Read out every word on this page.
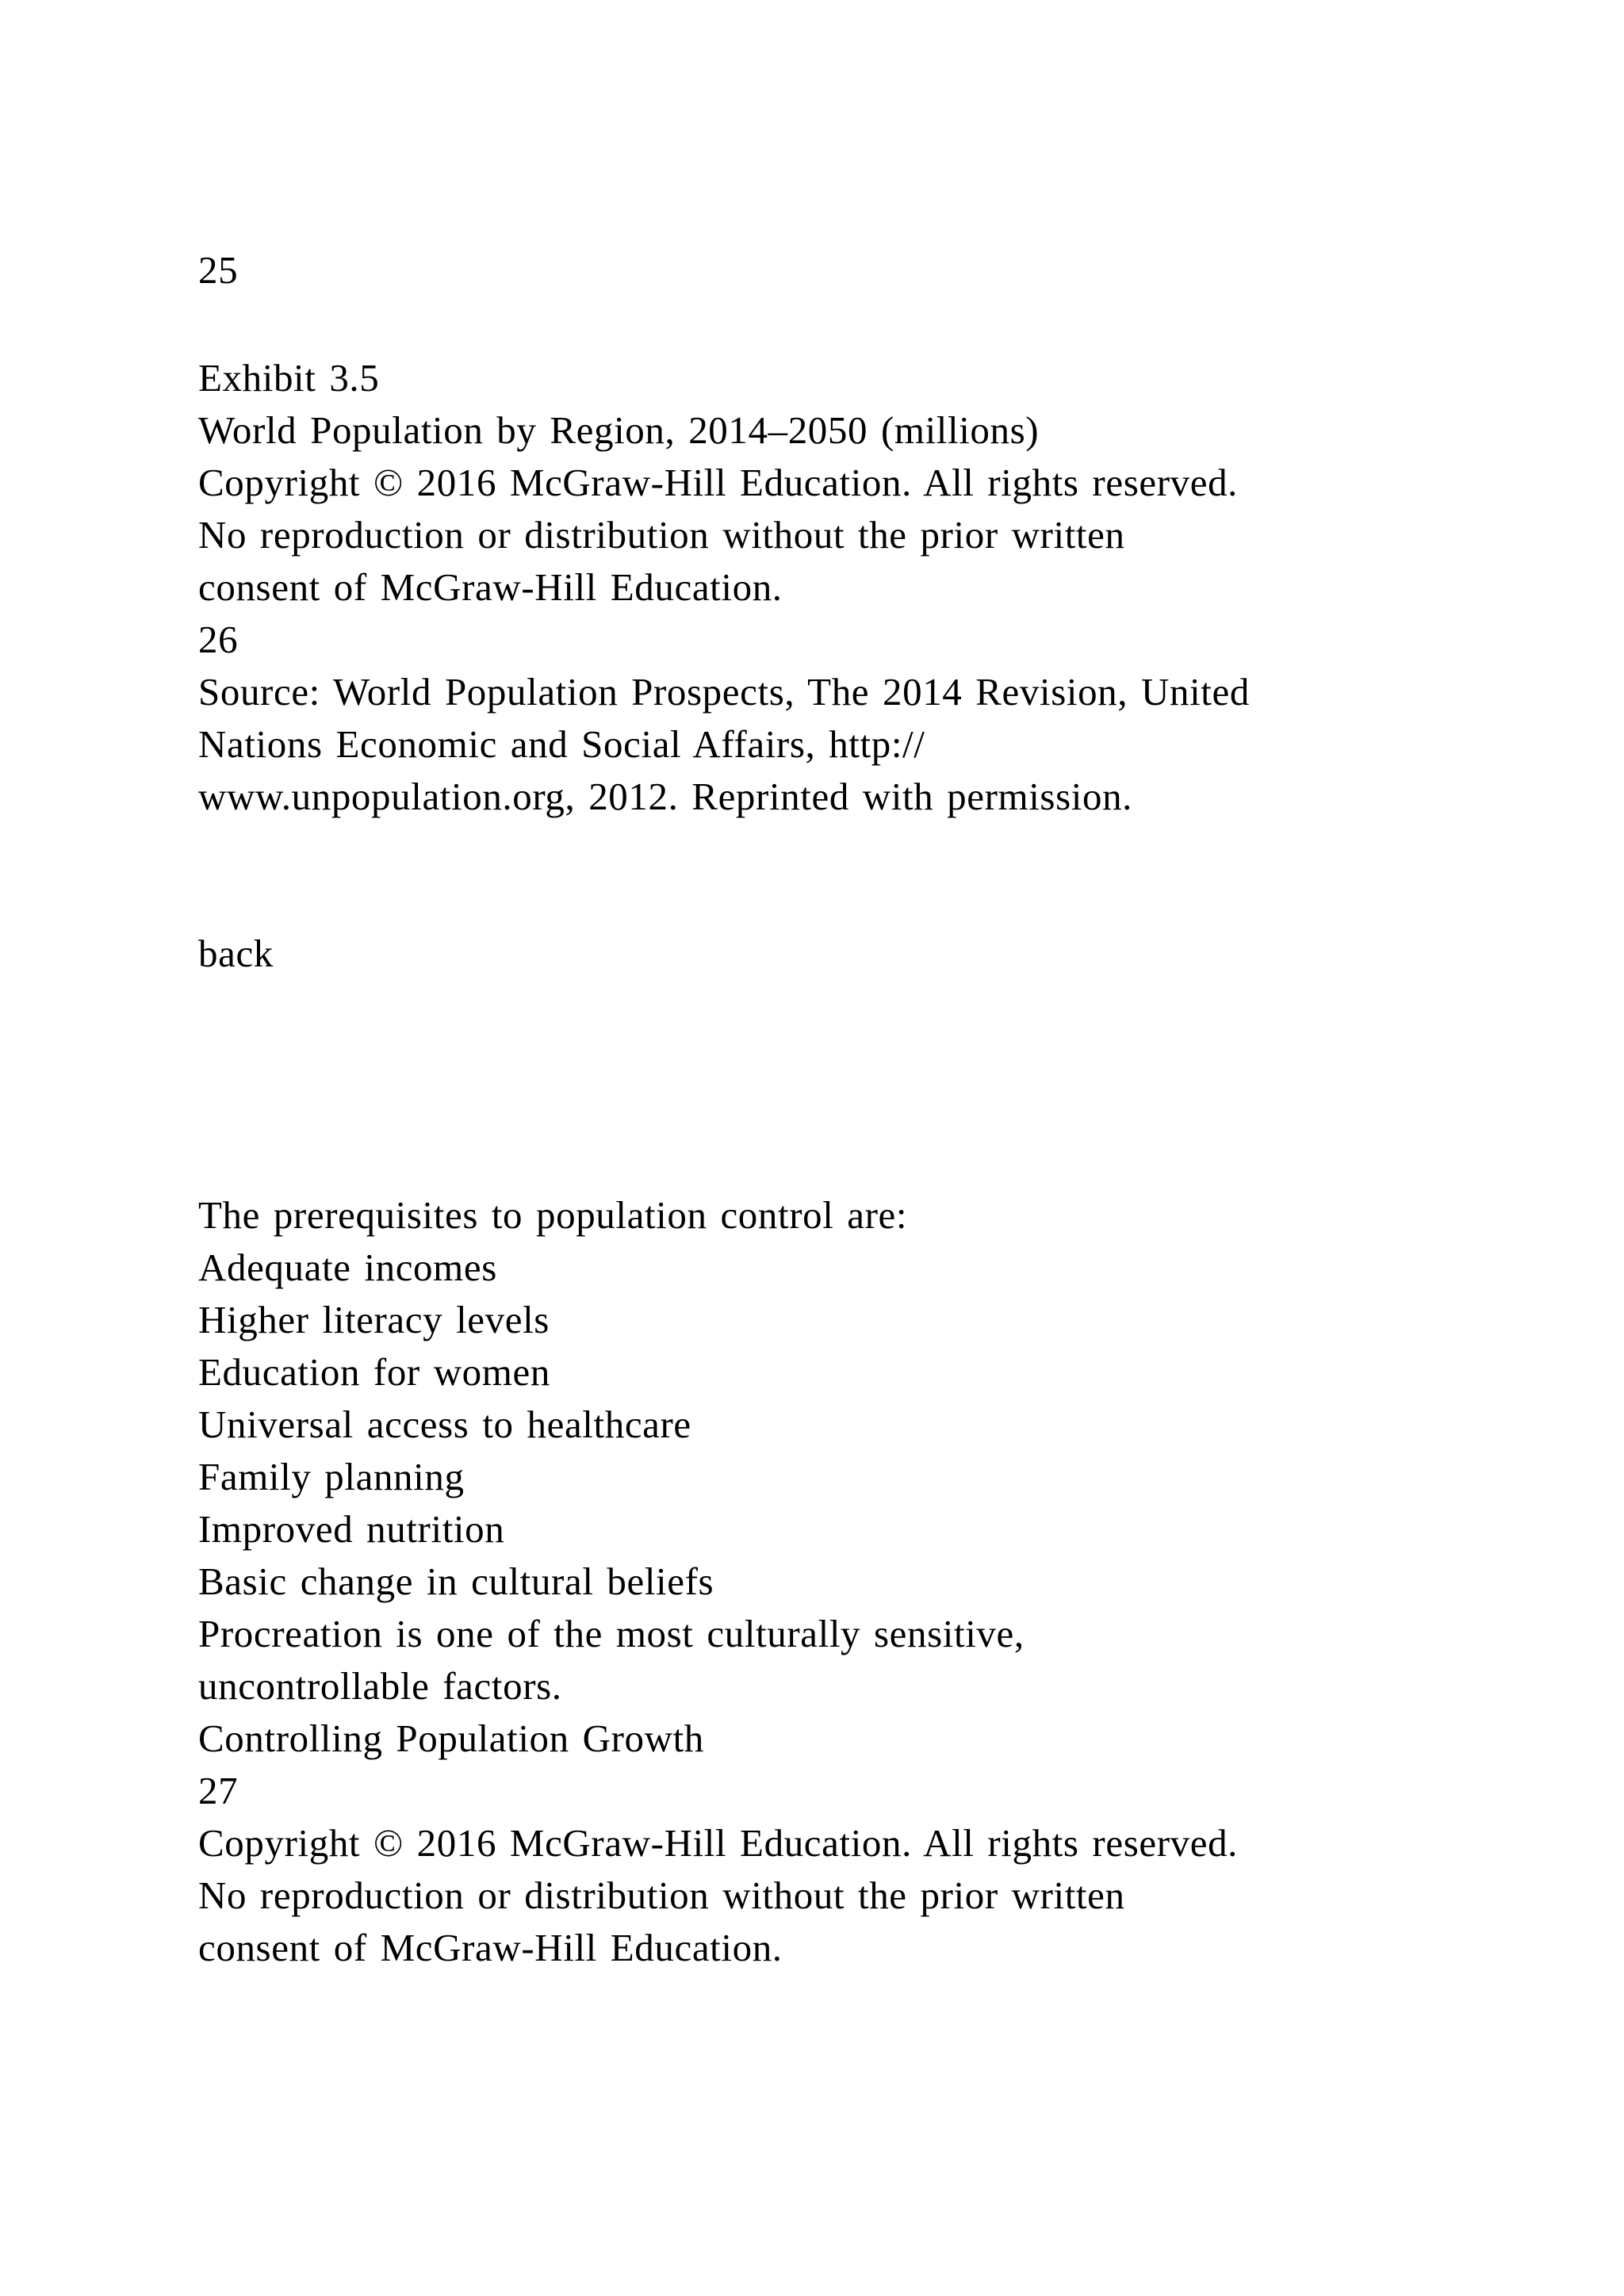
25
Exhibit 3.5
World Population by Region, 2014–2050 (millions)
Copyright © 2016 McGraw-Hill Education. All rights reserved.
No reproduction or distribution without the prior written
consent of McGraw-Hill Education.
26
Source: World Population Prospects, The 2014 Revision, United
Nations Economic and Social Affairs, http://
www.unpopulation.org, 2012. Reprinted with permission.
back
The prerequisites to population control are:
Adequate incomes
Higher literacy levels
Education for women
Universal access to healthcare
Family planning
Improved nutrition
Basic change in cultural beliefs
Procreation is one of the most culturally sensitive,
uncontrollable factors.
Controlling Population Growth
27
Copyright © 2016 McGraw-Hill Education. All rights reserved.
No reproduction or distribution without the prior written
consent of McGraw-Hill Education.
